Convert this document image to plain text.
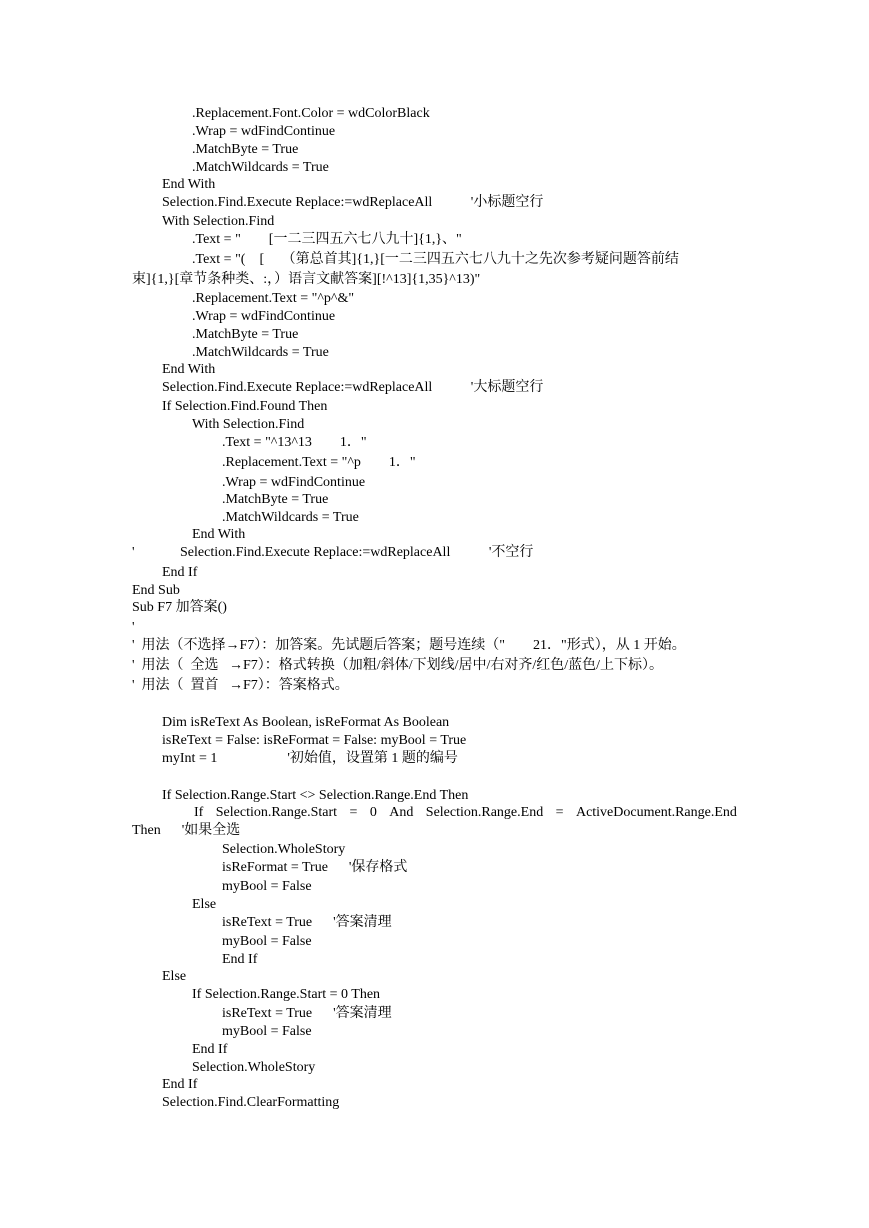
.Replacement.Font.Color = wdColorBlack
.Wrap = wdFindContinue
.MatchByte = True
.MatchWildcards = True
End With
Selection.Find.Execute Replace:=wdReplaceAll           '小标题空行
With Selection.Find
.Text = "        [一二三四五六七八九十]{1,}、"
.Text = "(    [     （第总首其]{1,}[一二三四五六七八九十之先次参考疑问题答前结
束]{1,}[章节条种类、:，）语言文献答案][!^13]{1,35}^13)"
.Replacement.Text = "^p^&"
.Wrap = wdFindContinue
.MatchByte = True
.MatchWildcards = True
End With
Selection.Find.Execute Replace:=wdReplaceAll           '大标题空行
If Selection.Find.Found Then
With Selection.Find
.Text = "^13^13        1．"
.Replacement.Text = "^p        1．"
.Wrap = wdFindContinue
.MatchByte = True
.MatchWildcards = True
End With
'             Selection.Find.Execute Replace:=wdReplaceAll           '不空行
End If
End Sub
Sub F7 加答案()
'
'  用法（不选择→F7）：加答案。先试题后答案；题号连续（"        21．"形式），从 1 开始。
'  用法（  全选   →F7）：格式转换（加粗/斜体/下划线/居中/右对齐/红色/蓝色/上下标）。
'  用法（  置首   →F7）：答案格式。
Dim isReText As Boolean, isReFormat As Boolean
isReText = False: isReFormat = False: myBool = True
myInt = 1                    '初始值，设置第 1 题的编号
If Selection.Range.Start <> Selection.Range.End Then
If Selection.Range.Start = 0 And Selection.Range.End = ActiveDocument.Range.End
Then      '如果全选
Selection.WholeStory
isReFormat = True      '保存格式
myBool = False
Else
isReText = True      '答案清理
myBool = False
End If
Else
If Selection.Range.Start = 0 Then
isReText = True      '答案清理
myBool = False
End If
Selection.WholeStory
End If
Selection.Find.ClearFormatting
